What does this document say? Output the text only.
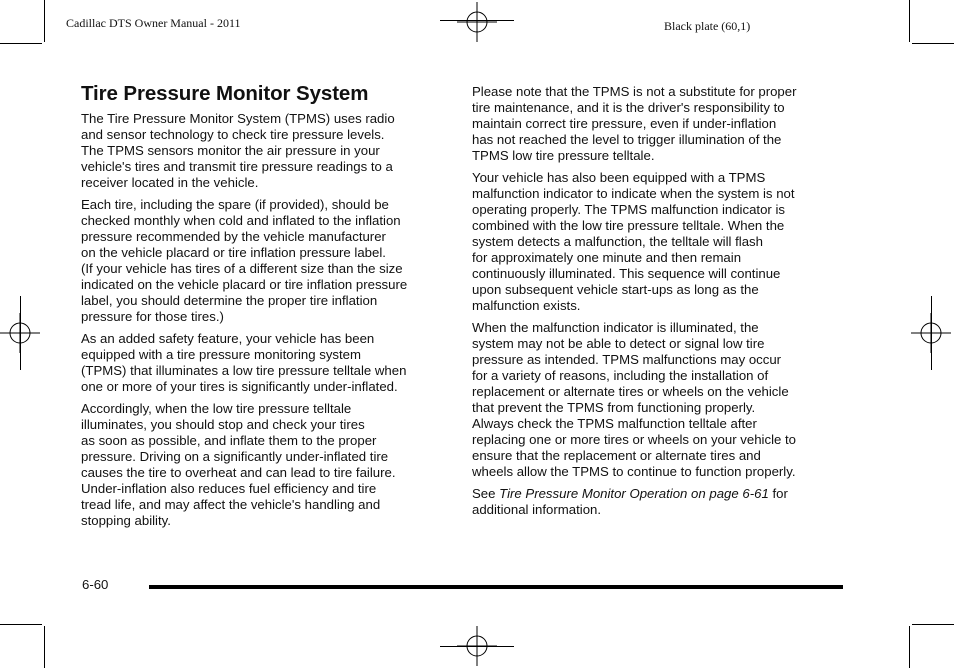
Cadillac DTS Owner Manual - 2011	Black plate (60,1)
Tire Pressure Monitor System

The Tire Pressure Monitor System (TPMS) uses radio
and sensor technology to check tire pressure levels.
The TPMS sensors monitor the air pressure in your
vehicle's tires and transmit tire pressure readings to a
receiver located in the vehicle.

Each tire, including the spare (if provided), should be
checked monthly when cold and inflated to the inflation
pressure recommended by the vehicle manufacturer
on the vehicle placard or tire inflation pressure label.
(If your vehicle has tires of a different size than the size
indicated on the vehicle placard or tire inflation pressure
label, you should determine the proper tire inflation
pressure for those tires.)

As an added safety feature, your vehicle has been
equipped with a tire pressure monitoring system
(TPMS) that illuminates a low tire pressure telltale when
one or more of your tires is significantly under-inflated.

Accordingly, when the low tire pressure telltale
illuminates, you should stop and check your tires
as soon as possible, and inflate them to the proper
pressure. Driving on a significantly under-inflated tire
causes the tire to overheat and can lead to tire failure.
Under-inflation also reduces fuel efficiency and tire
tread life, and may affect the vehicle's handling and
stopping ability.

Please note that the TPMS is not a substitute for proper
tire maintenance, and it is the driver's responsibility to
maintain correct tire pressure, even if under-inflation
has not reached the level to trigger illumination of the
TPMS low tire pressure telltale.

Your vehicle has also been equipped with a TPMS
malfunction indicator to indicate when the system is not
operating properly. The TPMS malfunction indicator is
combined with the low tire pressure telltale. When the
system detects a malfunction, the telltale will flash
for approximately one minute and then remain
continuously illuminated. This sequence will continue
upon subsequent vehicle start-ups as long as the
malfunction exists.

When the malfunction indicator is illuminated, the
system may not be able to detect or signal low tire
pressure as intended. TPMS malfunctions may occur
for a variety of reasons, including the installation of
replacement or alternate tires or wheels on the vehicle
that prevent the TPMS from functioning properly.
Always check the TPMS malfunction telltale after
replacing one or more tires or wheels on your vehicle to
ensure that the replacement or alternate tires and
wheels allow the TPMS to continue to function properly.

See Tire Pressure Monitor Operation on page 6-61 for
additional information.

6-60
